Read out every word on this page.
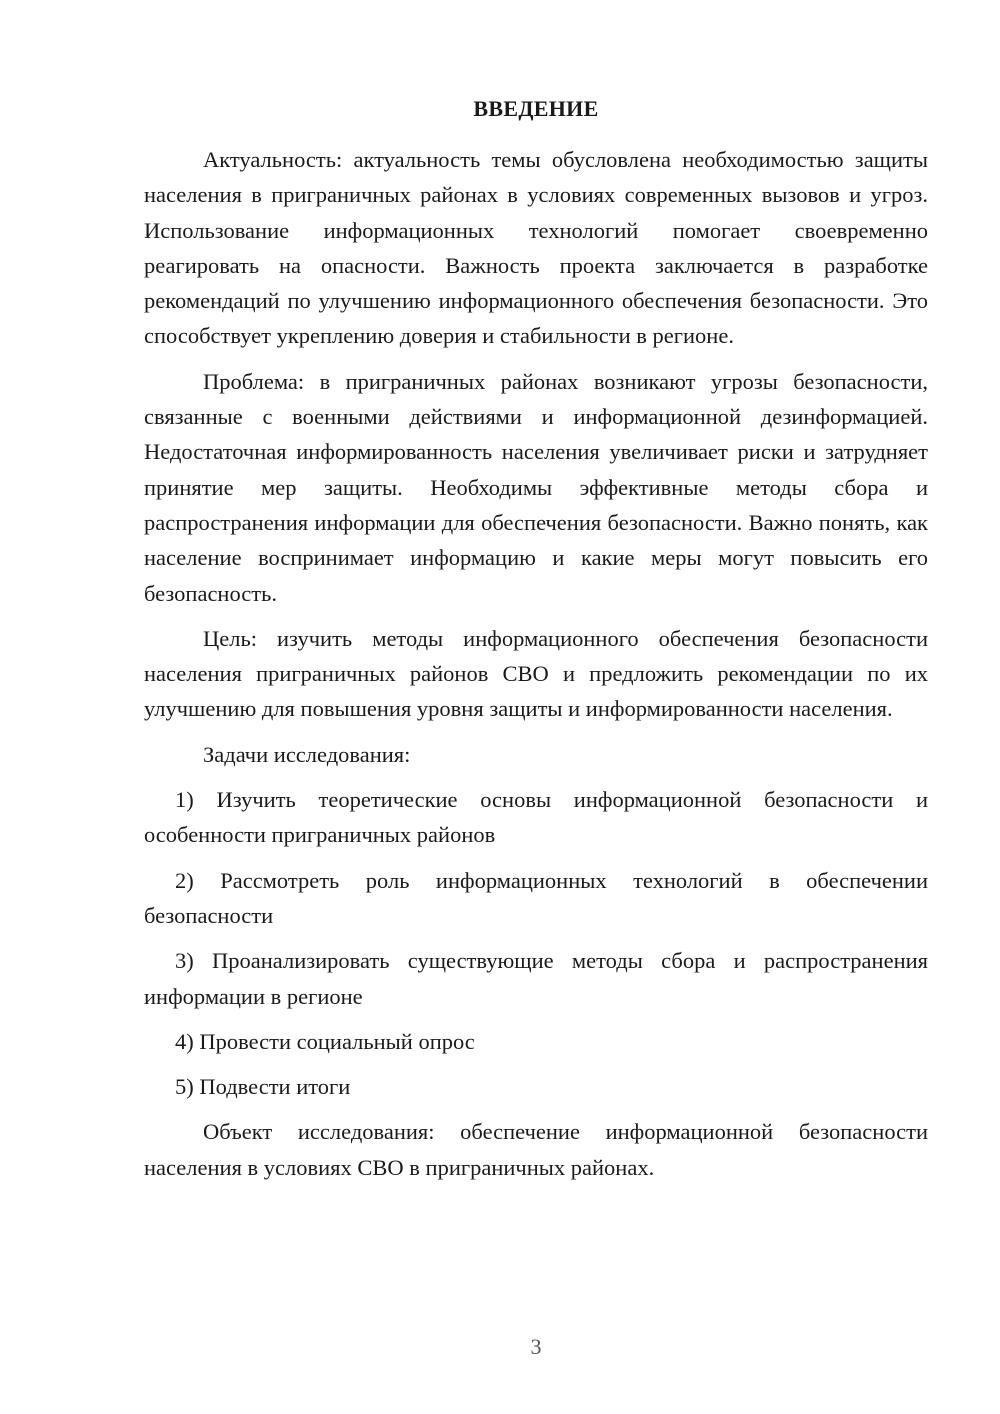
ВВЕДЕНИЕ

Актуальность: актуальность темы обусловлена необходимостью защиты населения в приграничных районах в условиях современных вызовов и угроз. Использование информационных технологий помогает своевременно реагировать на опасности. Важность проекта заключается в разработке рекомендаций по улучшению информационного обеспечения безопасности. Это способствует укреплению доверия и стабильности в регионе.

Проблема: в приграничных районах возникают угрозы безопасности, связанные с военными действиями и информационной дезинформацией. Недостаточная информированность населения увеличивает риски и затрудняет принятие мер защиты. Необходимы эффективные методы сбора и распространения информации для обеспечения безопасности. Важно понять, как население воспринимает информацию и какие меры могут повысить его безопасность.

Цель: изучить методы информационного обеспечения безопасности населения приграничных районов СВО и предложить рекомендации по их улучшению для повышения уровня защиты и информированности населения.

Задачи исследования:

1) Изучить теоретические основы информационной безопасности и особенности приграничных районов

2) Рассмотреть роль информационных технологий в обеспечении безопасности

3) Проанализировать существующие методы сбора и распространения информации в регионе

4) Провести социальный опрос

5) Подвести итоги

Объект исследования: обеспечение информационной безопасности населения в условиях СВО в приграничных районах.

3
